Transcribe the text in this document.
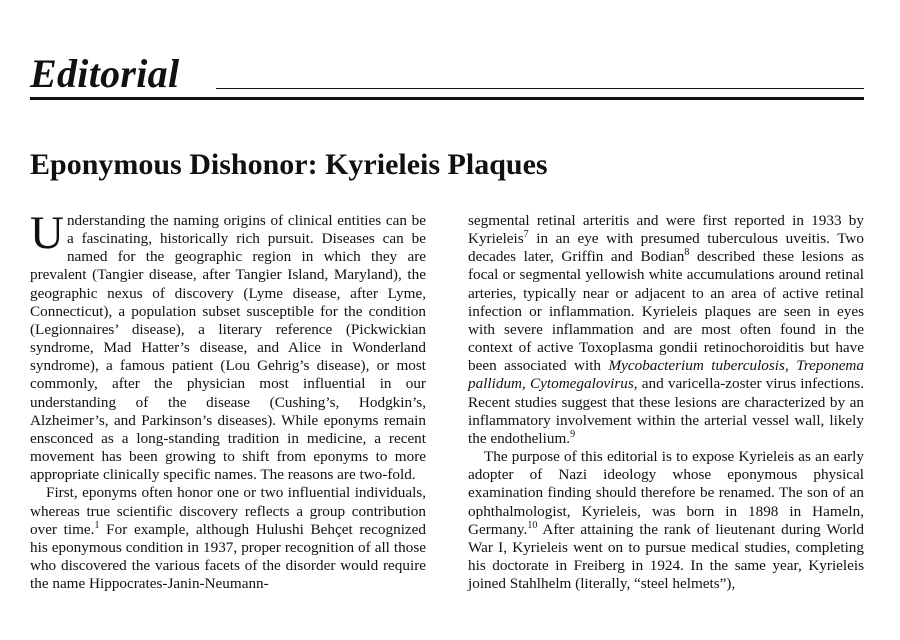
Editorial
Eponymous Dishonor: Kyrieleis Plaques

Understanding the naming origins of clinical entities can be a fascinating, historically rich pursuit. Diseases can be named for the geographic region in which they are prevalent (Tangier disease, after Tangier Island, Maryland), the geographic nexus of discovery (Lyme disease, after Lyme, Connecticut), a population subset susceptible for the condition (Legionnaires’ disease), a literary reference (Pickwickian syndrome, Mad Hatter’s disease, and Alice in Wonderland syndrome), a famous patient (Lou Gehrig’s disease), or most commonly, after the physician most influential in our understanding of the disease (Cushing’s, Hodgkin’s, Alzheimer’s, and Parkinson’s diseases). While eponyms remain ensconced as a long-standing tradition in medicine, a recent movement has been growing to shift from eponyms to more appropriate clinically specific names. The reasons are two-fold.

First, eponyms often honor one or two influential individuals, whereas true scientific discovery reflects a group contribution over time.$^1$ For example, although Hulushi Behçet recognized his eponymous condition in 1937, proper recognition of all those who discovered the various facets of the disorder would require the name Hippocrates-Janin-Neumann-

segmental retinal arteritis and were first reported in 1933 by Kyrieleis$^7$ in an eye with presumed tuberculous uveitis. Two decades later, Griffin and Bodian$^8$ described these lesions as focal or segmental yellowish white accumulations around retinal arteries, typically near or adjacent to an area of active retinal infection or inflammation. Kyrieleis plaques are seen in eyes with severe inflammation and are most often found in the context of active Toxoplasma gondii retinochoroiditis but have been associated with Mycobacterium tuberculosis, Treponema pallidum, Cytomegalovirus, and varicella-zoster virus infections. Recent studies suggest that these lesions are characterized by an inflammatory involvement within the arterial vessel wall, likely the endothelium.$^9$

The purpose of this editorial is to expose Kyrieleis as an early adopter of Nazi ideology whose eponymous physical examination finding should therefore be renamed. The son of an ophthalmologist, Kyrieleis, was born in 1898 in Hameln, Germany.$^{10}$ After attaining the rank of lieutenant during World War I, Kyrieleis went on to pursue medical studies, completing his doctorate in Freiberg in 1924. In the same year, Kyrieleis joined Stahlhelm (literally, “steel helmets”),
